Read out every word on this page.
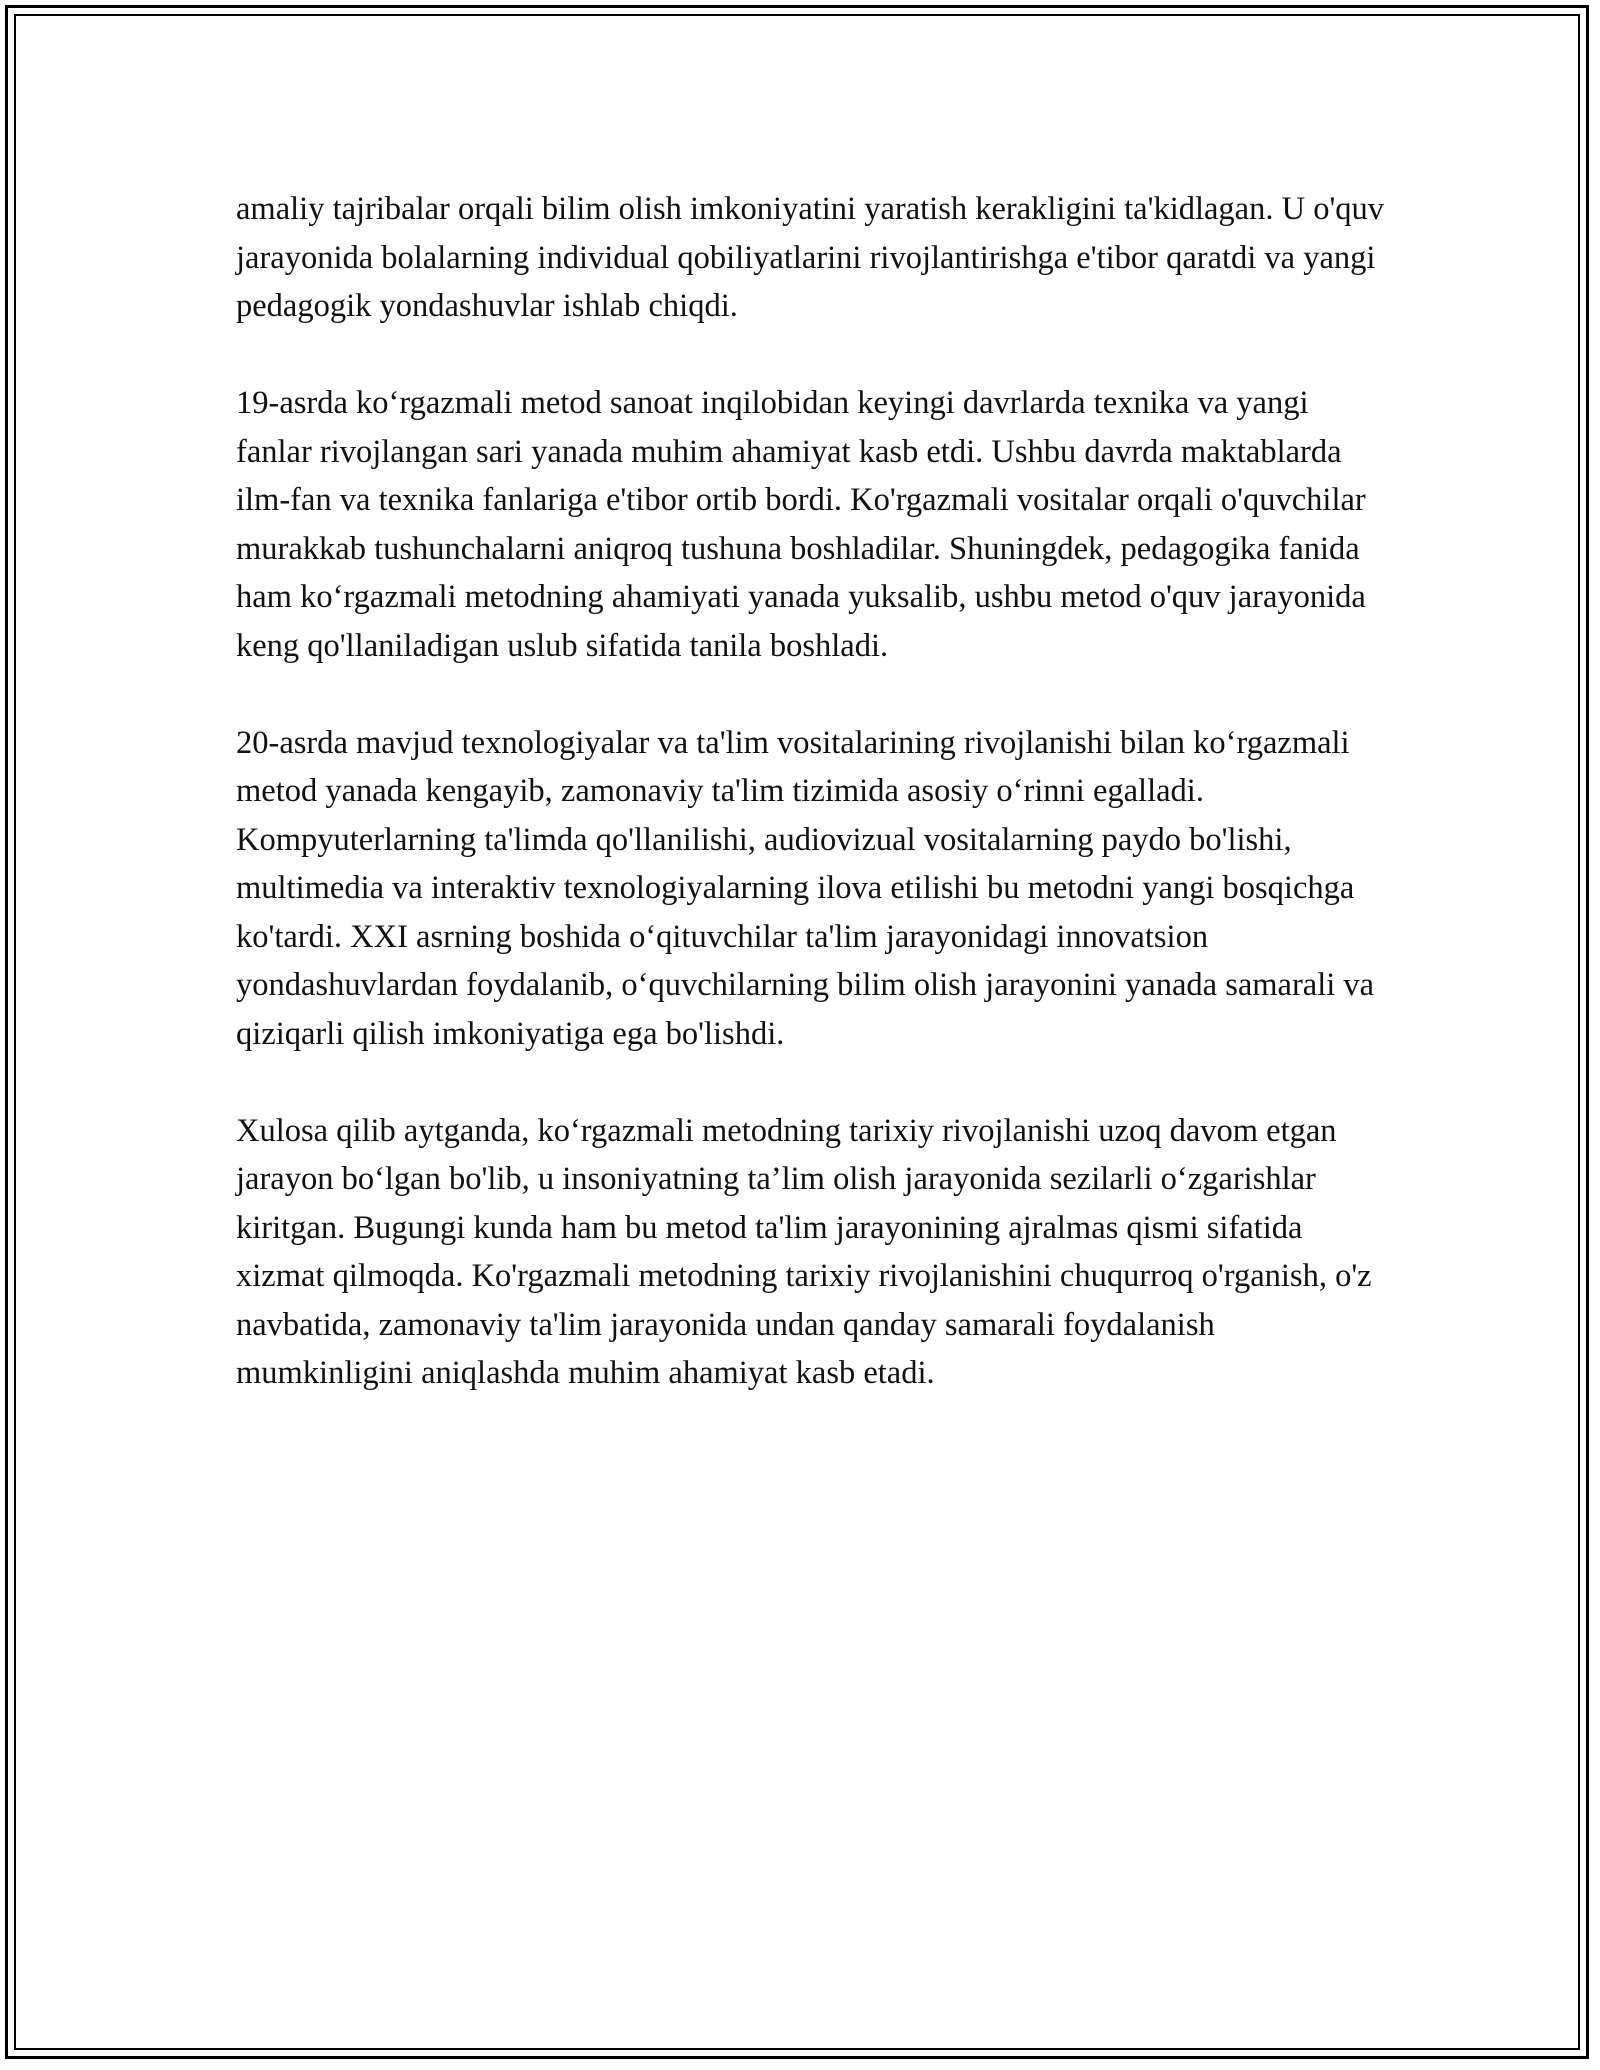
amaliy tajribalar orqali bilim olish imkoniyatini yaratish kerakligini ta'kidlagan. U o'quv jarayonida bolalarning individual qobiliyatlarini rivojlantirishga e'tibor qaratdi va yangi pedagogik yondashuvlar ishlab chiqdi.

19-asrda koʻrgazmali metod sanoat inqilobidan keyingi davrlarda texnika va yangi fanlar rivojlangan sari yanada muhim ahamiyat kasb etdi. Ushbu davrda maktablarda ilm-fan va texnika fanlariga e'tibor ortib bordi. Ko'rgazmali vositalar orqali o'quvchilar murakkab tushunchalarni aniqroq tushuna boshladilar. Shuningdek, pedagogika fanida ham koʻrgazmali metodning ahamiyati yanada yuksalib, ushbu metod o'quv jarayonida keng qo'llaniladigan uslub sifatida tanila boshladi.

20-asrda mavjud texnologiyalar va ta'lim vositalarining rivojlanishi bilan koʻrgazmali metod yanada kengayib, zamonaviy ta'lim tizimida asosiy oʻrinni egalladi. Kompyuterlarning ta'limda qo'llanilishi, audiovizual vositalarning paydo bo'lishi, multimedia va interaktiv texnologiyalarning ilova etilishi bu metodni yangi bosqichga ko'tardi. XXI asrning boshida oʻqituvchilar ta'lim jarayonidagi innovatsion yondashuvlardan foydalanib, oʻquvchilarning bilim olish jarayonini yanada samarali va qiziqarli qilish imkoniyatiga ega bo'lishdi.

Xulosa qilib aytganda, koʻrgazmali metodning tarixiy rivojlanishi uzoq davom etgan jarayon boʻlgan bo'lib, u insoniyatning ta’lim olish jarayonida sezilarli oʻzgarishlar kiritgan. Bugungi kunda ham bu metod ta'lim jarayonining ajralmas qismi sifatida xizmat qilmoqda. Ko'rgazmali metodning tarixiy rivojlanishini chuqurroq o'rganish, o'z navbatida, zamonaviy ta'lim jarayonida undan qanday samarali foydalanish mumkinligini aniqlashda muhim ahamiyat kasb etadi.
